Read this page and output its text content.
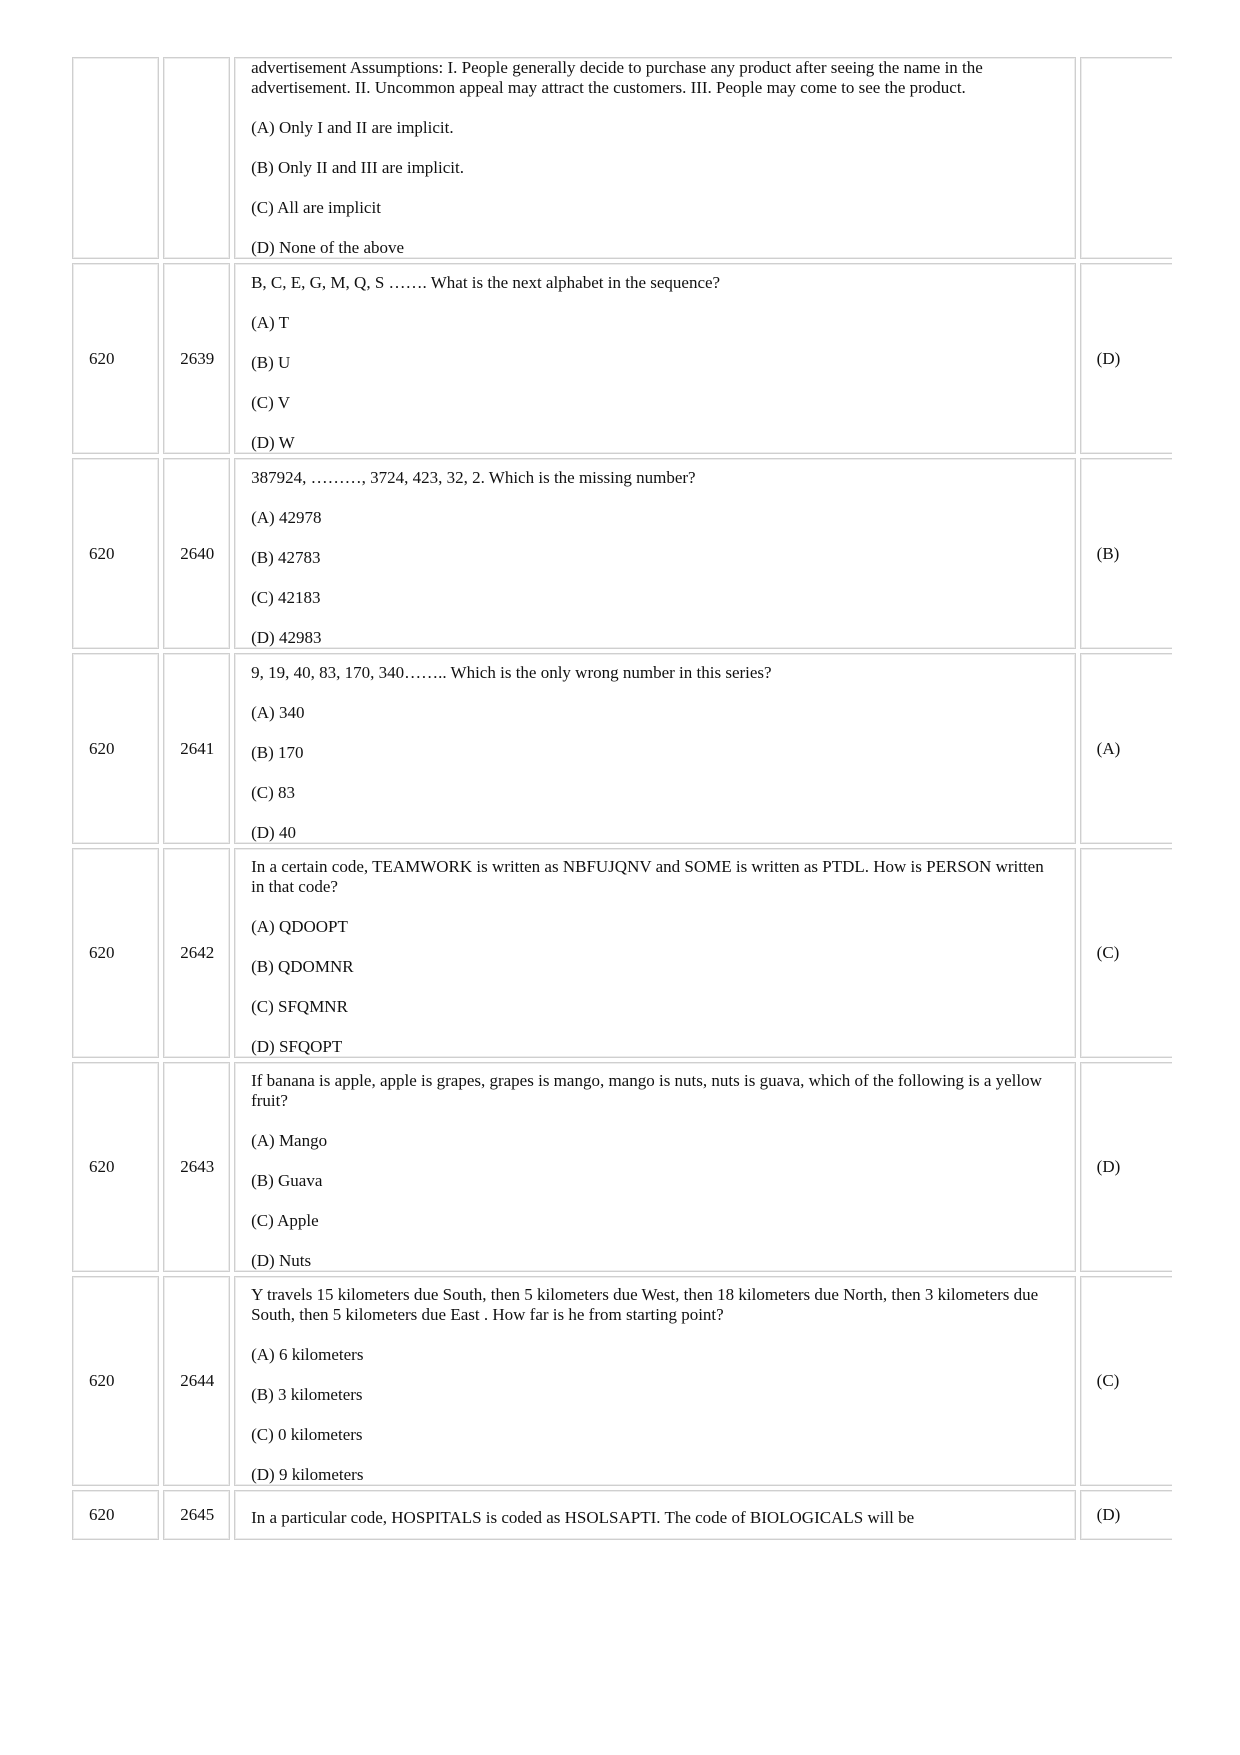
		advertisement Assumptions: I. People generally decide to purchase any product after seeing the name in the advertisement. II. Uncommon appeal may attract the customers. III. People may come to see the product.

(A) Only I and II are implicit.

(B) Only II and III are implicit.

(C) All are implicit

(D) None of the above	

620	2639	B, C, E, G, M, Q, S ……. What is the next alphabet in the sequence?

(A) T

(B) U

(C) V

(D) W	(D)
620	2640	387924, ………, 3724, 423, 32, 2. Which is the missing number?

(A) 42978

(B) 42783

(C) 42183

(D) 42983	(B)
620	2641	9, 19, 40, 83, 170, 340…….. Which is the only wrong number in this series?

(A) 340

(B) 170

(C) 83

(D) 40	(A)
620	2642	In a certain code, TEAMWORK is written as NBFUJQNV and SOME is written as PTDL. How is PERSON written in that code?

(A) QDOOPT

(B) QDOMNR

(C) SFQMNR

(D) SFQOPT	(C)
620	2643	If banana is apple, apple is grapes, grapes is mango, mango is nuts, nuts is guava, which of the following is a yellow fruit?

(A) Mango

(B) Guava

(C) Apple

(D) Nuts	(D)
620	2644	Y travels 15 kilometers due South, then 5 kilometers due West, then 18 kilometers due North, then 3 kilometers due South, then 5 kilometers due East . How far is he from starting point?

(A) 6 kilometers

(B) 3 kilometers

(C) 0 kilometers

(D) 9 kilometers	(C)
620	2645	In a particular code, HOSPITALS is coded as HSOLSAPTI. The code of BIOLOGICALS will be	(D)
